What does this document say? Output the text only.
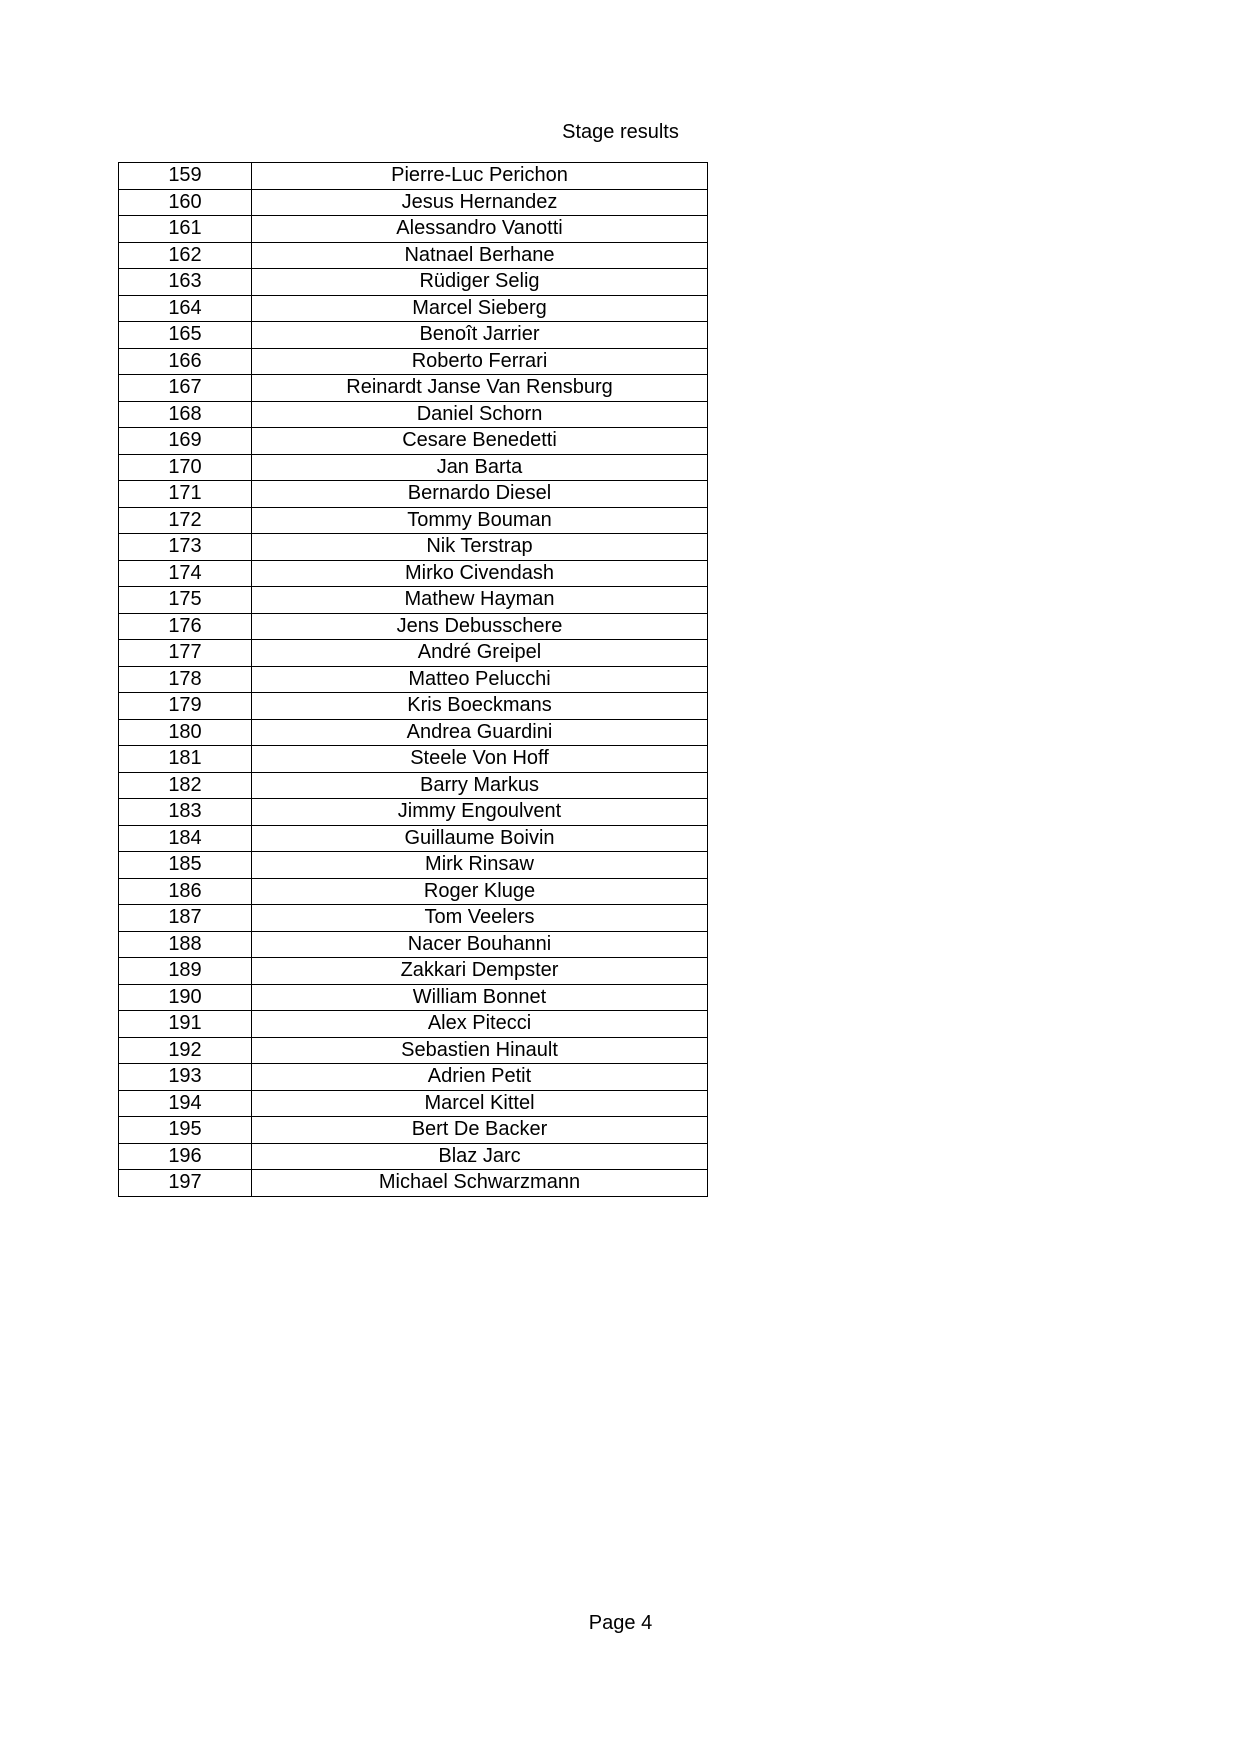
Stage results
159	Pierre-Luc Perichon
160	Jesus Hernandez
161	Alessandro Vanotti
162	Natnael Berhane
163	Rüdiger Selig
164	Marcel Sieberg
165	Benoît Jarrier
166	Roberto Ferrari
167	Reinardt Janse Van Rensburg
168	Daniel Schorn
169	Cesare Benedetti
170	Jan Barta
171	Bernardo Diesel
172	Tommy Bouman
173	Nik Terstrap
174	Mirko Civendash
175	Mathew Hayman
176	Jens Debusschere
177	André Greipel
178	Matteo Pelucchi
179	Kris Boeckmans
180	Andrea Guardini
181	Steele Von Hoff
182	Barry Markus
183	Jimmy Engoulvent
184	Guillaume Boivin
185	Mirk Rinsaw
186	Roger Kluge
187	Tom Veelers
188	Nacer Bouhanni
189	Zakkari Dempster
190	William Bonnet
191	Alex Pitecci
192	Sebastien Hinault
193	Adrien Petit
194	Marcel Kittel
195	Bert De Backer
196	Blaz Jarc
197	Michael Schwarzmann
Page 4
